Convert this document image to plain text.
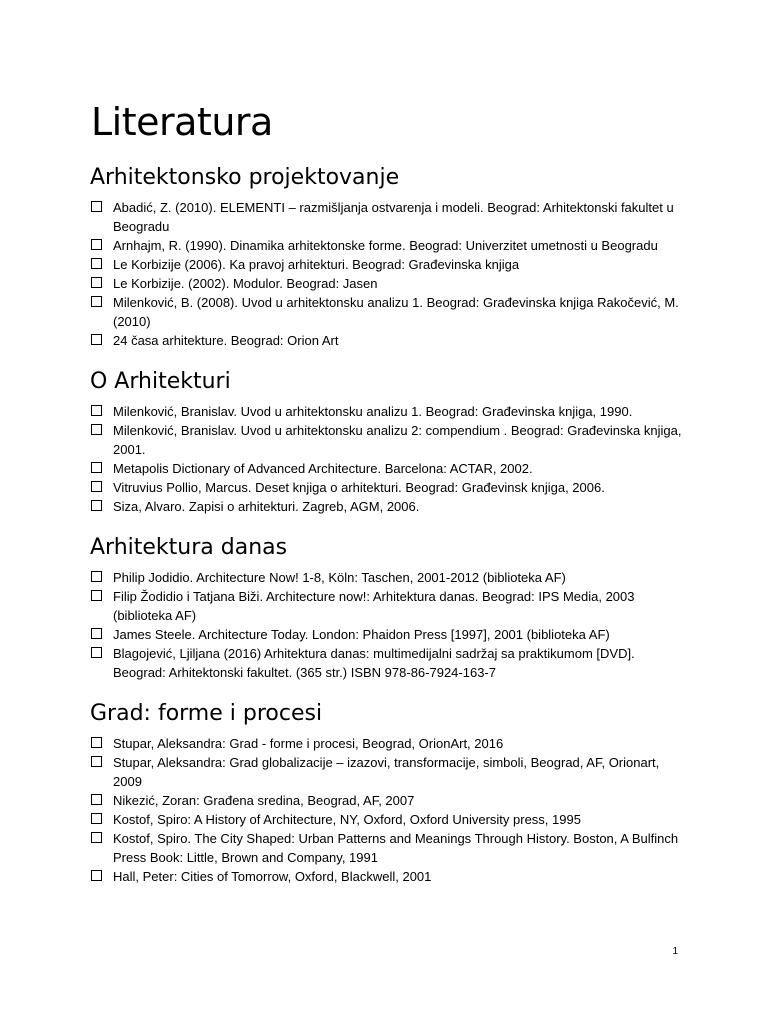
Literatura
Arhitektonsko projektovanje
Abadić, Z. (2010). ELEMENTI – razmišljanja ostvarenja i modeli. Beograd: Arhitektonski fakultet u Beogradu
Arnhajm, R. (1990). Dinamika arhitektonske forme. Beograd: Univerzitet umetnosti u Beogradu
Le Korbizije (2006). Ka pravoj arhitekturi. Beograd: Građevinska knjiga
Le Korbizije. (2002). Modulor. Beograd: Jasen
Milenković, B. (2008). Uvod u arhitektonsku analizu 1. Beograd: Građevinska knjiga Rakočević, M. (2010)
24 časa arhitekture. Beograd: Orion Art
O Arhitekturi
Milenković, Branislav. Uvod u arhitektonsku analizu 1. Beograd: Građevinska knjiga, 1990.
Milenković, Branislav. Uvod u arhitektonsku analizu 2: compendium . Beograd: Građevinska knjiga, 2001.
Metapolis Dictionary of Advanced Architecture. Barcelona: ACTAR, 2002.
Vitruvius Pollio, Marcus. Deset knjiga o arhitekturi. Beograd: Građevinsk knjiga, 2006.
Siza, Alvaro. Zapisi o arhitekturi. Zagreb, AGM, 2006.
Arhitektura danas
Philip Jodidio. Architecture Now! 1-8, Köln: Taschen, 2001-2012 (biblioteka AF)
Filip Žodidio i Tatjana Biži. Architecture now!: Arhitektura danas. Beograd: IPS Media, 2003 (biblioteka AF)
James Steele. Architecture Today. London: Phaidon Press [1997], 2001 (biblioteka AF)
Blagojević, Ljiljana (2016) Arhitektura danas: multimedijalni sadržaj sa praktikumom [DVD]. Beograd: Arhitektonski fakultet. (365 str.) ISBN 978-86-7924-163-7
Grad: forme i procesi
Stupar, Aleksandra: Grad - forme i procesi, Beograd, OrionArt, 2016
Stupar, Aleksandra: Grad globalizacije – izazovi, transformacije, simboli, Beograd, AF, Orionart, 2009
Nikezić, Zoran: Građena sredina, Beograd, AF, 2007
Kostof, Spiro: A History of Architecture, NY, Oxford, Oxford University press, 1995
Kostof, Spiro. The City Shaped: Urban Patterns and Meanings Through History. Boston, A Bulfinch Press Book: Little, Brown and Company, 1991
Hall, Peter: Cities of Tomorrow, Oxford, Blackwell, 2001
1
